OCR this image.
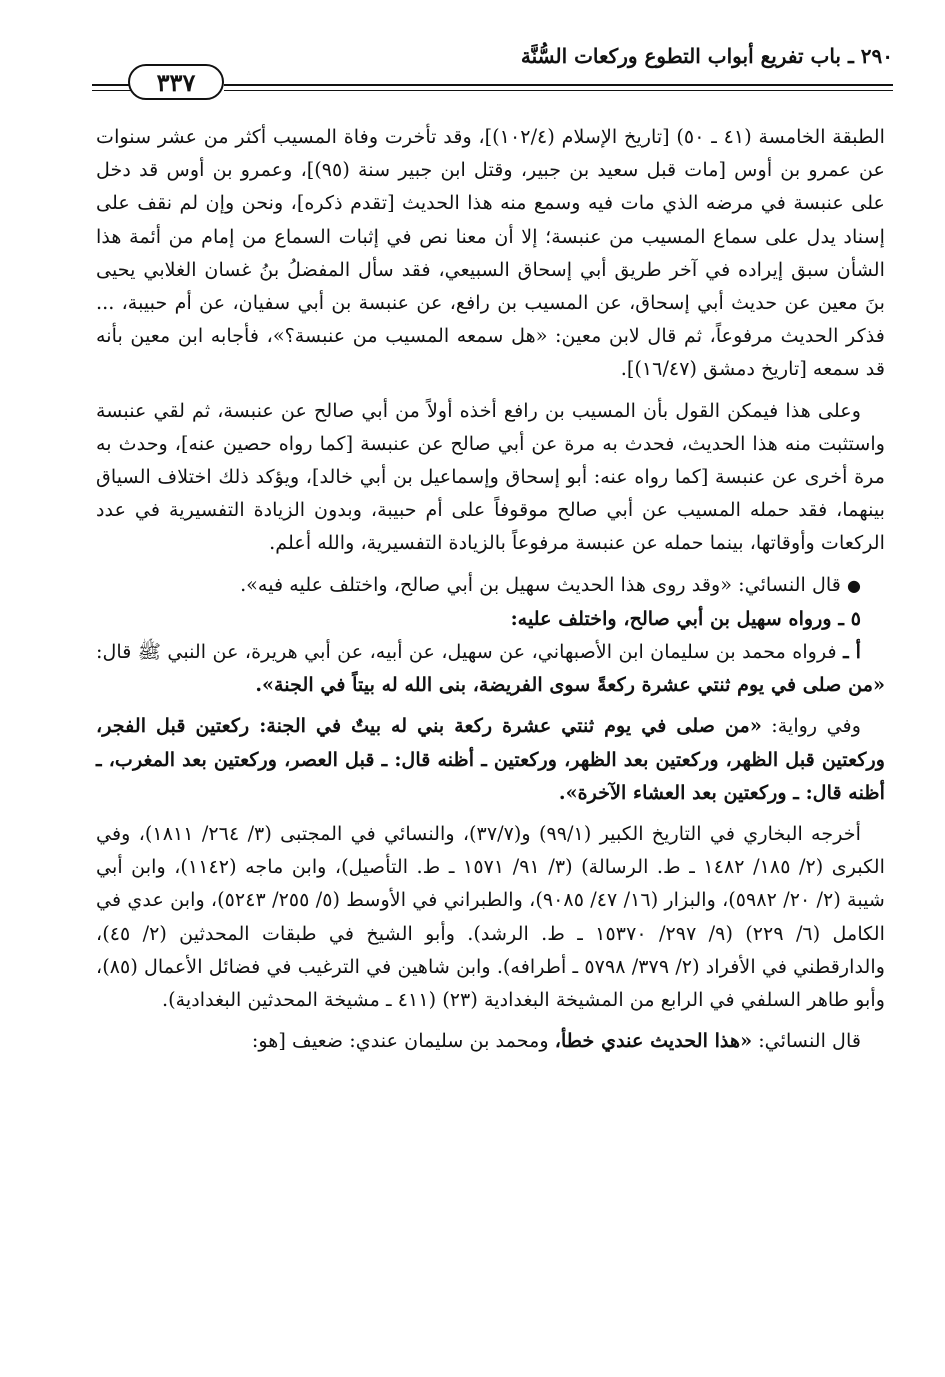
٢٩٠ ـ باب تفريع أبواب التطوع وركعات السُّنَّة
٣٣٧

الطبقة الخامسة (٤١ ـ ٥٠) [تاريخ الإسلام (١٠٢/٤)]، وقد تأخرت وفاة المسيب أكثر من عشر سنوات عن عمرو بن أوس [مات قبل سعيد بن جبير، وقتل ابن جبير سنة (٩٥)]، وعمرو بن أوس قد دخل على عنبسة في مرضه الذي مات فيه وسمع منه هذا الحديث [تقدم ذكره]، ونحن وإن لم نقف على إسناد يدل على سماع المسيب من عنبسة؛ إلا أن معنا نص في إثبات السماع من إمام من أئمة هذا الشأن سبق إيراده في آخر طريق أبي إسحاق السبيعي، فقد سأل المفضلُ بنُ غسان الغلابي يحيى بنَ معين عن حديث أبي إسحاق، عن المسيب بن رافع، عن عنبسة بن أبي سفيان، عن أم حبيبة، ... فذكر الحديث مرفوعاً، ثم قال لابن معين: «هل سمعه المسيب من عنبسة؟»، فأجابه ابن معين بأنه قد سمعه [تاريخ دمشق (١٦/٤٧)].

وعلى هذا فيمكن القول بأن المسيب بن رافع أخذه أولاً من أبي صالح عن عنبسة، ثم لقي عنبسة واستثبت منه هذا الحديث، فحدث به مرة عن أبي صالح عن عنبسة [كما رواه حصين عنه]، وحدث به مرة أخرى عن عنبسة [كما رواه عنه: أبو إسحاق وإسماعيل بن أبي خالد]، ويؤكد ذلك اختلاف السياق بينهما، فقد حمله المسيب عن أبي صالح موقوفاً على أم حبيبة، وبدون الزيادة التفسيرية في عدد الركعات وأوقاتها، بينما حمله عن عنبسة مرفوعاً بالزيادة التفسيرية، والله أعلم.

● قال النسائي: «وقد روى هذا الحديث سهيل بن أبي صالح، واختلف عليه فيه».

٥ ـ ورواه سهيل بن أبي صالح، واختلف عليه:

أ ـ فرواه محمد بن سليمان ابن الأصبهاني، عن سهيل، عن أبيه، عن أبي هريرة، عن النبي ﷺ قال: «من صلى في يوم ثنتي عشرة ركعةً سوى الفريضة، بنى الله له بيتاً في الجنة».

وفي رواية: «من صلى في يوم ثنتي عشرة ركعة بني له بيتٌ في الجنة: ركعتين قبل الفجر، وركعتين قبل الظهر، وركعتين بعد الظهر، وركعتين ـ أظنه قال: ـ قبل العصر، وركعتين بعد المغرب، ـ أظنه قال: ـ وركعتين بعد العشاء الآخرة».

أخرجه البخاري في التاريخ الكبير (٩٩/١) و(٣٧/٧)، والنسائي في المجتبى (٣/ ٢٦٤/ ١٨١١)، وفي الكبرى (٢/ ١٨٥/ ١٤٨٢ ـ ط. الرسالة) (٣/ ٩١/ ١٥٧١ ـ ط. التأصيل)، وابن ماجه (١١٤٢)، وابن أبي شيبة (٢/ ٢٠/ ٥٩٨٢)، والبزار (١٦/ ٤٧/ ٩٠٨٥)، والطبراني في الأوسط (٥/ ٢٥٥/ ٥٢٤٣)، وابن عدي في الكامل (٦/ ٢٢٩) (٩/ ٢٩٧/ ١٥٣٧٠ ـ ط. الرشد). وأبو الشيخ في طبقات المحدثين (٢/ ٤٥)، والدارقطني في الأفراد (٢/ ٣٧٩/ ٥٧٩٨ ـ أطرافه). وابن شاهين في الترغيب في فضائل الأعمال (٨٥)، وأبو طاهر السلفي في الرابع من المشيخة البغدادية (٢٣) (٤١١ ـ مشيخة المحدثين البغدادية).

قال النسائي: «هذا الحديث عندي خطأ، ومحمد بن سليمان عندي: ضعيف [هو:
